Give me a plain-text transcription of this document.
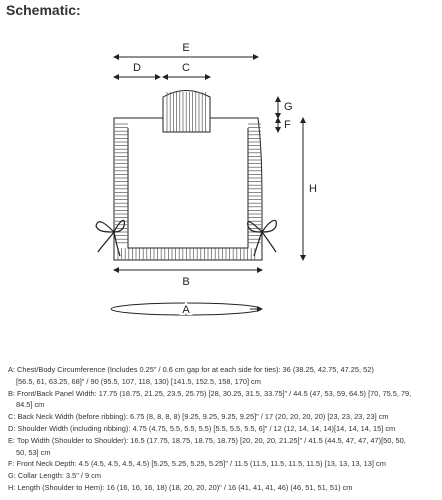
Schematic:
E
D	C
G
F
H
B
A
A: Chest/Body Circumference (Includes 0.25" / 0.6 cm gap for at each side for ties): 36 (38.25, 42.75, 47.25, 52)
[56.5, 61, 63.25, 68]" / 90 (95.5, 107, 118, 130) [141.5, 152.5, 158, 170] cm
B: Front/Back Panel Width: 17.75 (18.75, 21.25, 23.5, 25.75) [28, 30.25, 31.5, 33.75]" / 44.5 (47, 53, 59, 64.5) [70, 75.5, 79,
84.5] cm
C: Back Neck Width (before ribbing): 6.75 (8, 8, 8, 8) [9.25, 9.25, 9.25, 9.25]" / 17 (20, 20, 20, 20) [23, 23, 23, 23] cm
D: Shoulder Width (including ribbing): 4.75 (4.75, 5.5, 5.5, 5.5) [5.5, 5.5, 5.5, 6]" / 12 (12, 14, 14, 14)[14, 14, 14, 15] cm
E: Top Width (Shoulder to Shoulder): 16.5 (17.75, 18.75, 18.75, 18.75) [20, 20, 20, 21.25]" / 41.5 (44.5, 47, 47, 47)[50, 50,
50, 53] cm
F: Front Neck Depth: 4.5 (4.5, 4.5, 4.5, 4.5) [5.25, 5.25, 5.25, 5.25]" / 11.5 (11.5, 11.5, 11.5, 11.5) [13, 13, 13, 13] cm
G: Collar Length: 3.5" / 9 cm
H: Length (Shoulder to Hem): 16 (16, 16, 16, 18) (18, 20, 20, 20)" / 16 (41, 41, 41, 46) (46, 51, 51, 51) cm
